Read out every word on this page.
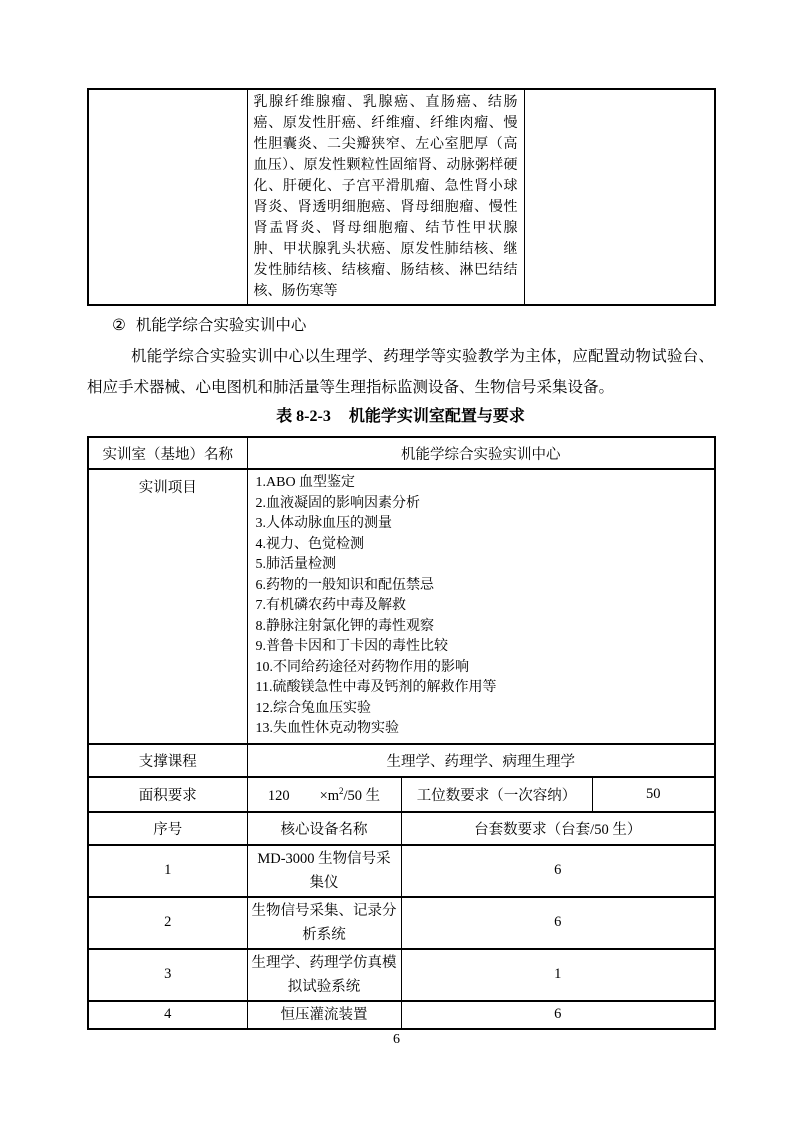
	乳腺纤维腺瘤、乳腺癌、直肠癌、结肠癌、原发性肝癌、纤维瘤、纤维肉瘤、慢性胆囊炎、二尖瓣狭窄、左心室肥厚（高血压）、原发性颗粒性固缩肾、动脉粥样硬化、肝硬化、子宫平滑肌瘤、急性肾小球肾炎、肾透明细胞癌、肾母细胞瘤、慢性肾盂肾炎、肾母细胞瘤、结节性甲状腺肿、甲状腺乳头状癌、原发性肺结核、继发性肺结核、结核瘤、肠结核、淋巴结结核、肠伤寒等	

② 机能学综合实验实训中心

机能学综合实验实训中心以生理学、药理学等实验教学为主体，应配置动物试验台、相应手术器械、心电图机和肺活量等生理指标监测设备、生物信号采集设备。

表 8-2-3 机能学实训室配置与要求

实训室（基地）名称	机能学综合实验实训中心		
实训项目	1.ABO 血型鉴定
2.血液凝固的影响因素分析
3.人体动脉血压的测量
4.视力、色觉检测
5.肺活量检测
6.药物的一般知识和配伍禁忌
7.有机磷农药中毒及解救
8.静脉注射氯化钾的毒性观察
9.普鲁卡因和丁卡因的毒性比较
10.不同给药途径对药物作用的影响
11.硫酸镁急性中毒及钙剂的解救作用等
12.综合兔血压实验
13.失血性休克动物实验

支撑课程	生理学、药理学、病理生理学		
面积要求	$120 \times m^2/50$ 生	工位数要求（一次容纳）	50
序号	核心设备名称	台套数要求（台套/50 生）	
1	MD-3000 生物信号采集仪	6	
2	生物信号采集、记录分析系统	6	
3	生理学、药理学仿真模拟试验系统	1	
4	恒压灌流装置	6	
6
